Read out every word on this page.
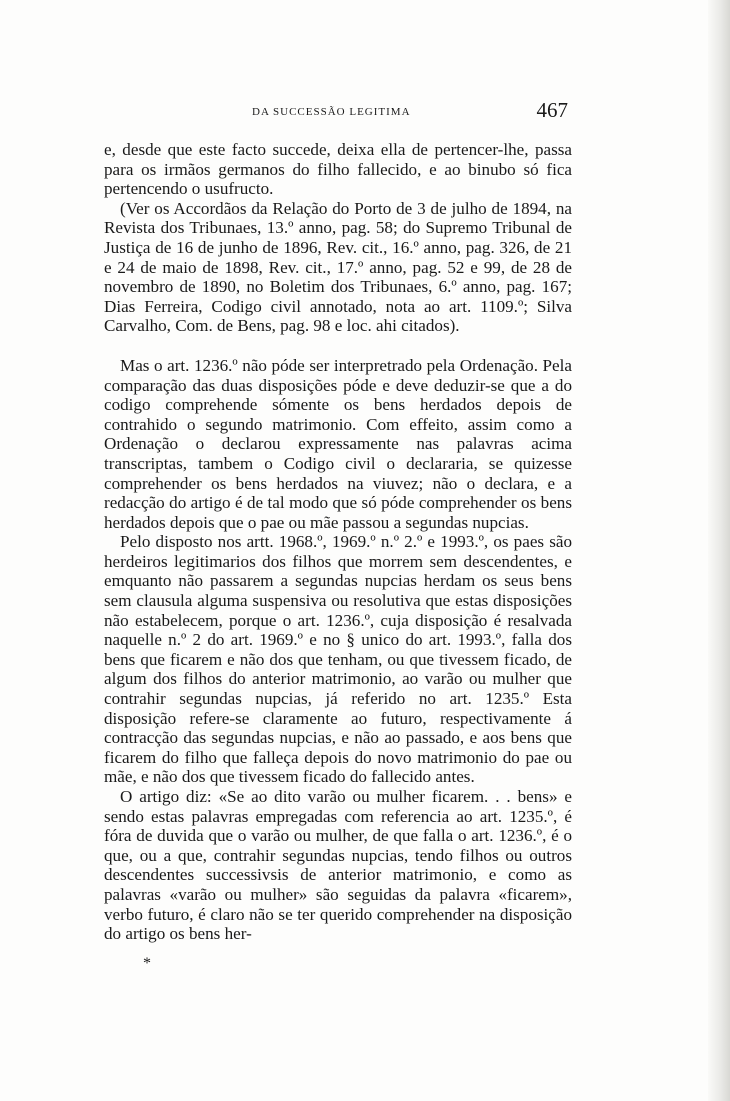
DA SUCCESSÃO LEGITIMA	467

e, desde que este facto succede, deixa ella de pertencer-lhe, passa para os irmãos germanos do filho fallecido, e ao binubo só fica pertencendo o usufructo.

(Ver os Accordãos da Relação do Porto de 3 de julho de 1894, na Revista dos Tribunaes, 13.º anno, pag. 58; do Supremo Tribunal de Justiça de 16 de junho de 1896, Rev. cit., 16.º anno, pag. 326, de 21 e 24 de maio de 1898, Rev. cit., 17.º anno, pag. 52 e 99, de 28 de novembro de 1890, no Boletim dos Tribunaes, 6.º anno, pag. 167; Dias Ferreira, Codigo civil annotado, nota ao art. 1109.º; Silva Carvalho, Com. de Bens, pag. 98 e loc. ahi citados).

Mas o art. 1236.º não póde ser interpretrado pela Ordenação. Pela comparação das duas disposições póde e deve deduzir-se que a do codigo comprehende sómente os bens herdados depois de contrahido o segundo matrimonio. Com effeito, assim como a Ordenação o declarou expressamente nas palavras acima transcriptas, tambem o Codigo civil o declararia, se quizesse comprehender os bens herdados na viuvez; não o declara, e a redacção do artigo é de tal modo que só póde comprehender os bens herdados depois que o pae ou mãe passou a segundas nupcias.

Pelo disposto nos artt. 1968.º, 1969.º n.º 2.º e 1993.º, os paes são herdeiros legitimarios dos filhos que morrem sem descendentes, e emquanto não passarem a segundas nupcias herdam os seus bens sem clausula alguma suspensiva ou resolutiva que estas disposições não estabelecem, porque o art. 1236.º, cuja disposição é resalvada naquelle n.º 2 do art. 1969.º e no § unico do art. 1993.º, falla dos bens que ficarem e não dos que tenham, ou que tivessem ficado, de algum dos filhos do anterior matrimonio, ao varão ou mulher que contrahir segundas nupcias, já referido no art. 1235.º Esta disposição refere-se claramente ao futuro, respectivamente á contracção das segundas nupcias, e não ao passado, e aos bens que ficarem do filho que falleça depois do novo matrimonio do pae ou mãe, e não dos que tivessem ficado do fallecido antes.

O artigo diz: «Se ao dito varão ou mulher ficarem. . . bens» e sendo estas palavras empregadas com referencia ao art. 1235.º, é fóra de duvida que o varão ou mulher, de que falla o art. 1236.º, é o que, ou a que, contrahir segundas nupcias, tendo filhos ou outros descendentes successivsis de anterior matrimonio, e como as palavras «varão ou mulher» são seguidas da palavra «ficarem», verbo futuro, é claro não se ter querido comprehender na disposição do artigo os bens her-

*
